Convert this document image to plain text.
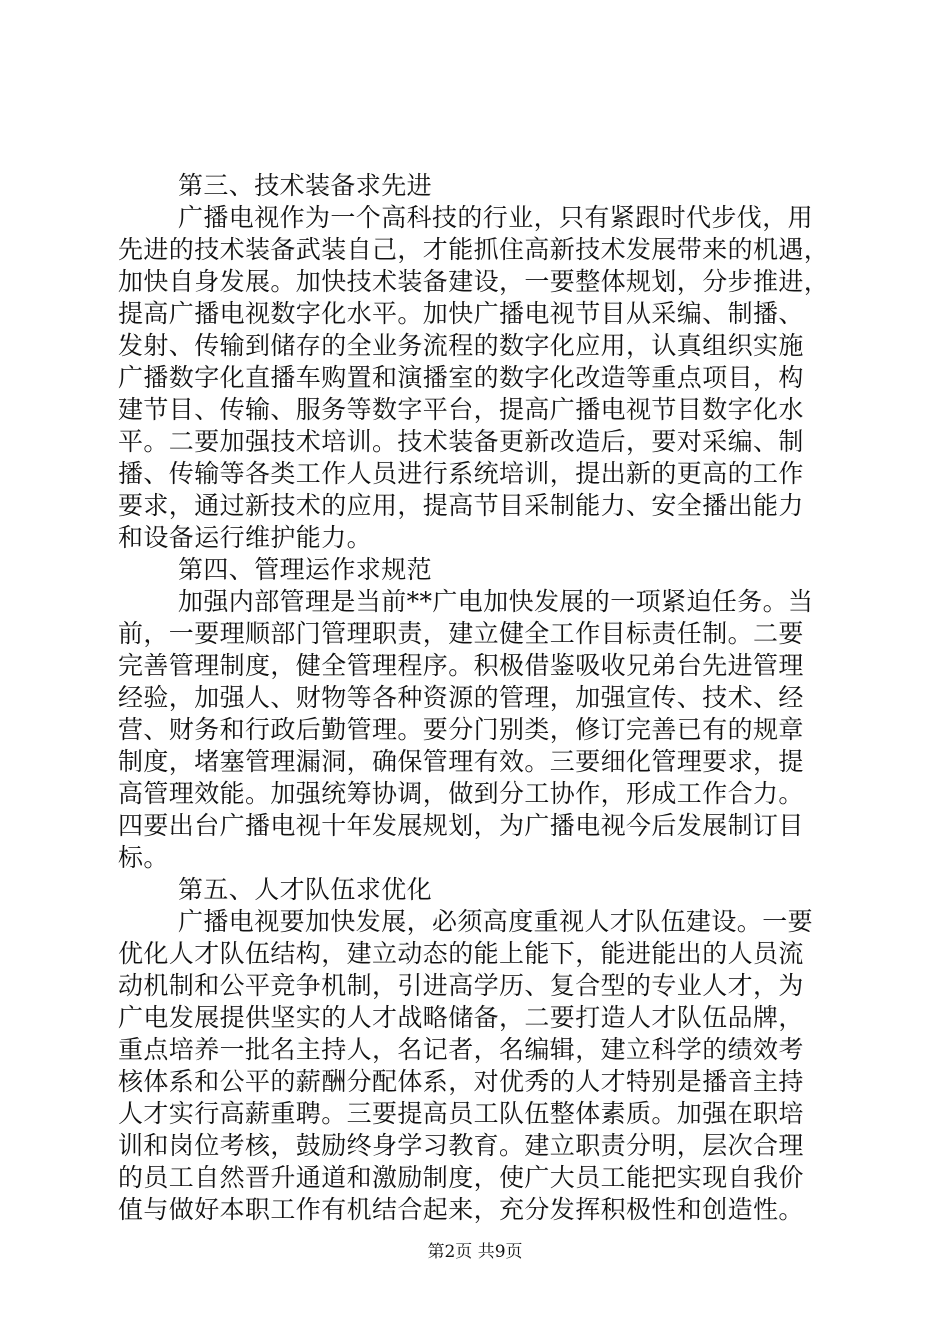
第三、技术装备求先进
广播电视作为一个高科技的行业，只有紧跟时代步伐，用
先进的技术装备武装自己，才能抓住高新技术发展带来的机遇，
加快自身发展。加快技术装备建设，一要整体规划，分步推进，
提高广播电视数字化水平。加快广播电视节目从采编、制播、
发射、传输到储存的全业务流程的数字化应用，认真组织实施
广播数字化直播车购置和演播室的数字化改造等重点项目，构
建节目、传输、服务等数字平台，提高广播电视节目数字化水
平。二要加强技术培训。技术装备更新改造后，要对采编、制
播、传输等各类工作人员进行系统培训，提出新的更高的工作
要求，通过新技术的应用，提高节目采制能力、安全播出能力
和设备运行维护能力。
第四、管理运作求规范
加强内部管理是当前**广电加快发展的一项紧迫任务。当
前，一要理顺部门管理职责，建立健全工作目标责任制。二要
完善管理制度，健全管理程序。积极借鉴吸收兄弟台先进管理
经验，加强人、财物等各种资源的管理，加强宣传、技术、经
营、财务和行政后勤管理。要分门别类，修订完善已有的规章
制度，堵塞管理漏洞，确保管理有效。三要细化管理要求，提
高管理效能。加强统筹协调，做到分工协作，形成工作合力。
四要出台广播电视十年发展规划，为广播电视今后发展制订目
标。
第五、人才队伍求优化
广播电视要加快发展，必须高度重视人才队伍建设。一要
优化人才队伍结构，建立动态的能上能下，能进能出的人员流
动机制和公平竞争机制，引进高学历、复合型的专业人才，为
广电发展提供坚实的人才战略储备，二要打造人才队伍品牌，
重点培养一批名主持人，名记者，名编辑，建立科学的绩效考
核体系和公平的薪酬分配体系，对优秀的人才特别是播音主持
人才实行高薪重聘。三要提高员工队伍整体素质。加强在职培
训和岗位考核，鼓励终身学习教育。建立职责分明，层次合理
的员工自然晋升通道和激励制度，使广大员工能把实现自我价
值与做好本职工作有机结合起来，充分发挥积极性和创造性。
第2页 共9页
